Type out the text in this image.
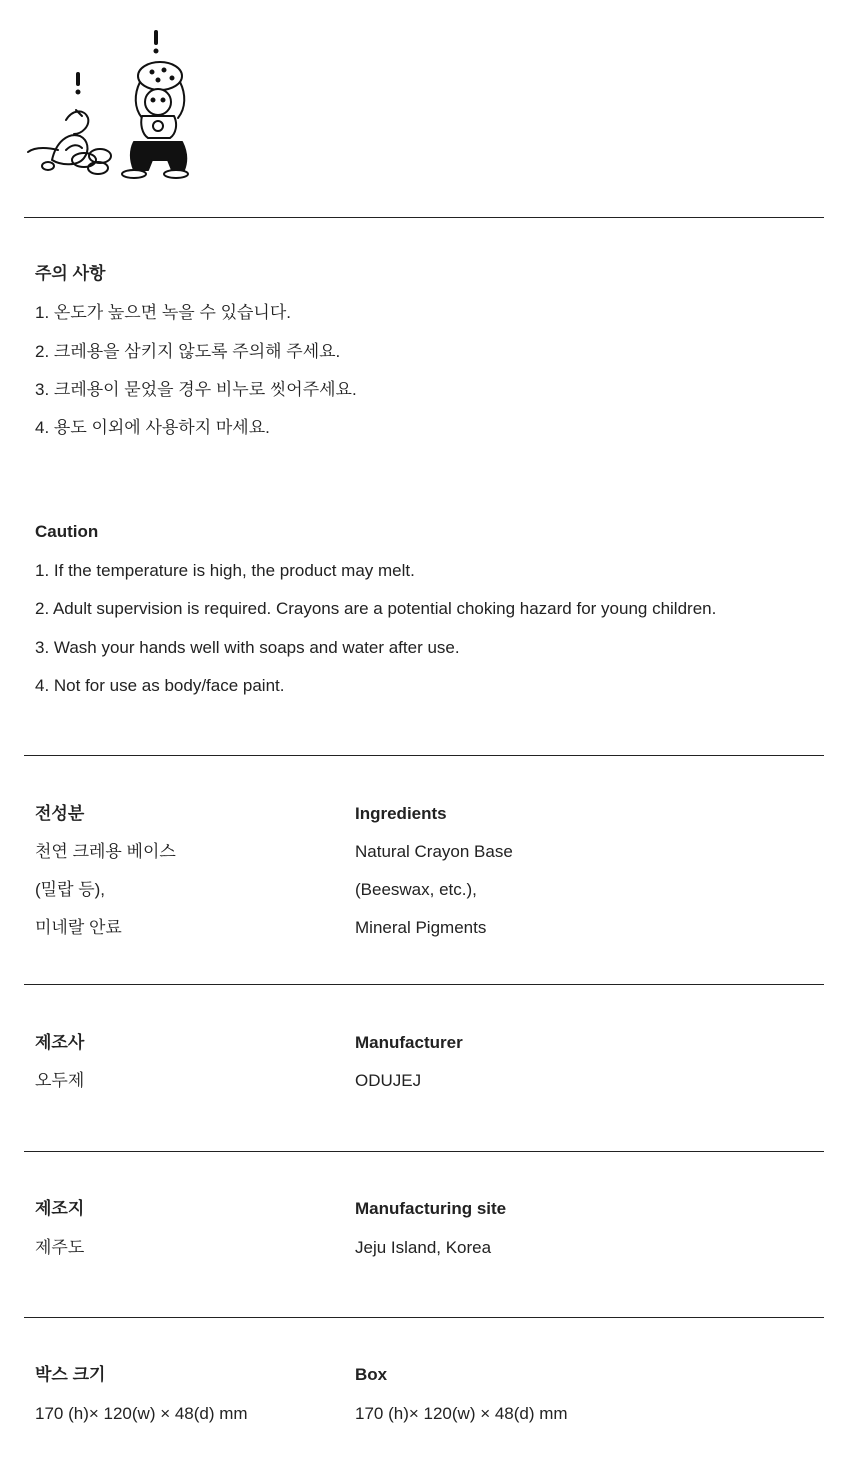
주의 사항
1. 온도가 높으면 녹을 수 있습니다.
2. 크레용을 삼키지 않도록 주의해 주세요.
3. 크레용이 묻었을 경우 비누로 씻어주세요.
4. 용도 이외에 사용하지 마세요.
Caution
1. If the temperature is high, the product may melt.
2. Adult supervision is required. Crayons are a potential choking hazard for young children.
3. Wash your hands well with soaps and water after use.
4. Not for use as body/face paint.
전성분
천연 크레용 베이스
(밀랍 등),
미네랄 안료
Ingredients
Natural Crayon Base
(Beeswax, etc.),
Mineral Pigments
제조사
오두제
Manufacturer
ODUJEJ
제조지
제주도
Manufacturing site
Jeju Island, Korea
박스 크기
170 (h)× 120(w) × 48(d) mm
Box
170 (h)× 120(w) × 48(d) mm
